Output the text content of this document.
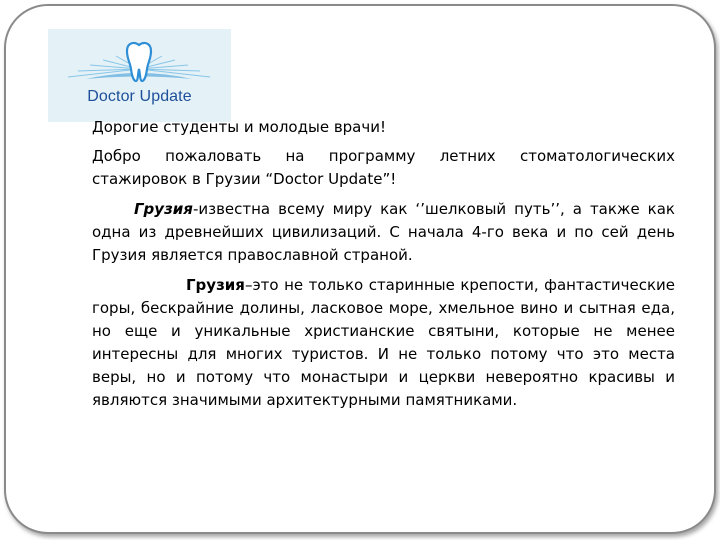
Doctor Update

Дорогие студенты и молодые врачи!

Добро пожаловать на программу летних стоматологических стажировок в Грузии “Doctor Update”!

Грузия-известна всему миру как ‘’шелковый путь’’, а также как одна из древнейших цивилизаций. С начала 4-го века и по сей день Грузия является православной страной.

Грузия–это не только старинные крепости, фантастические горы, бескрайние долины, ласковое море, хмельное вино и сытная еда, но еще и уникальные христианские святыни, которые не менее интересны для многих туристов. И не только потому что это места веры, но и потому что монастыри и церкви невероятно красивы и являются значимыми архитектурными памятниками.
